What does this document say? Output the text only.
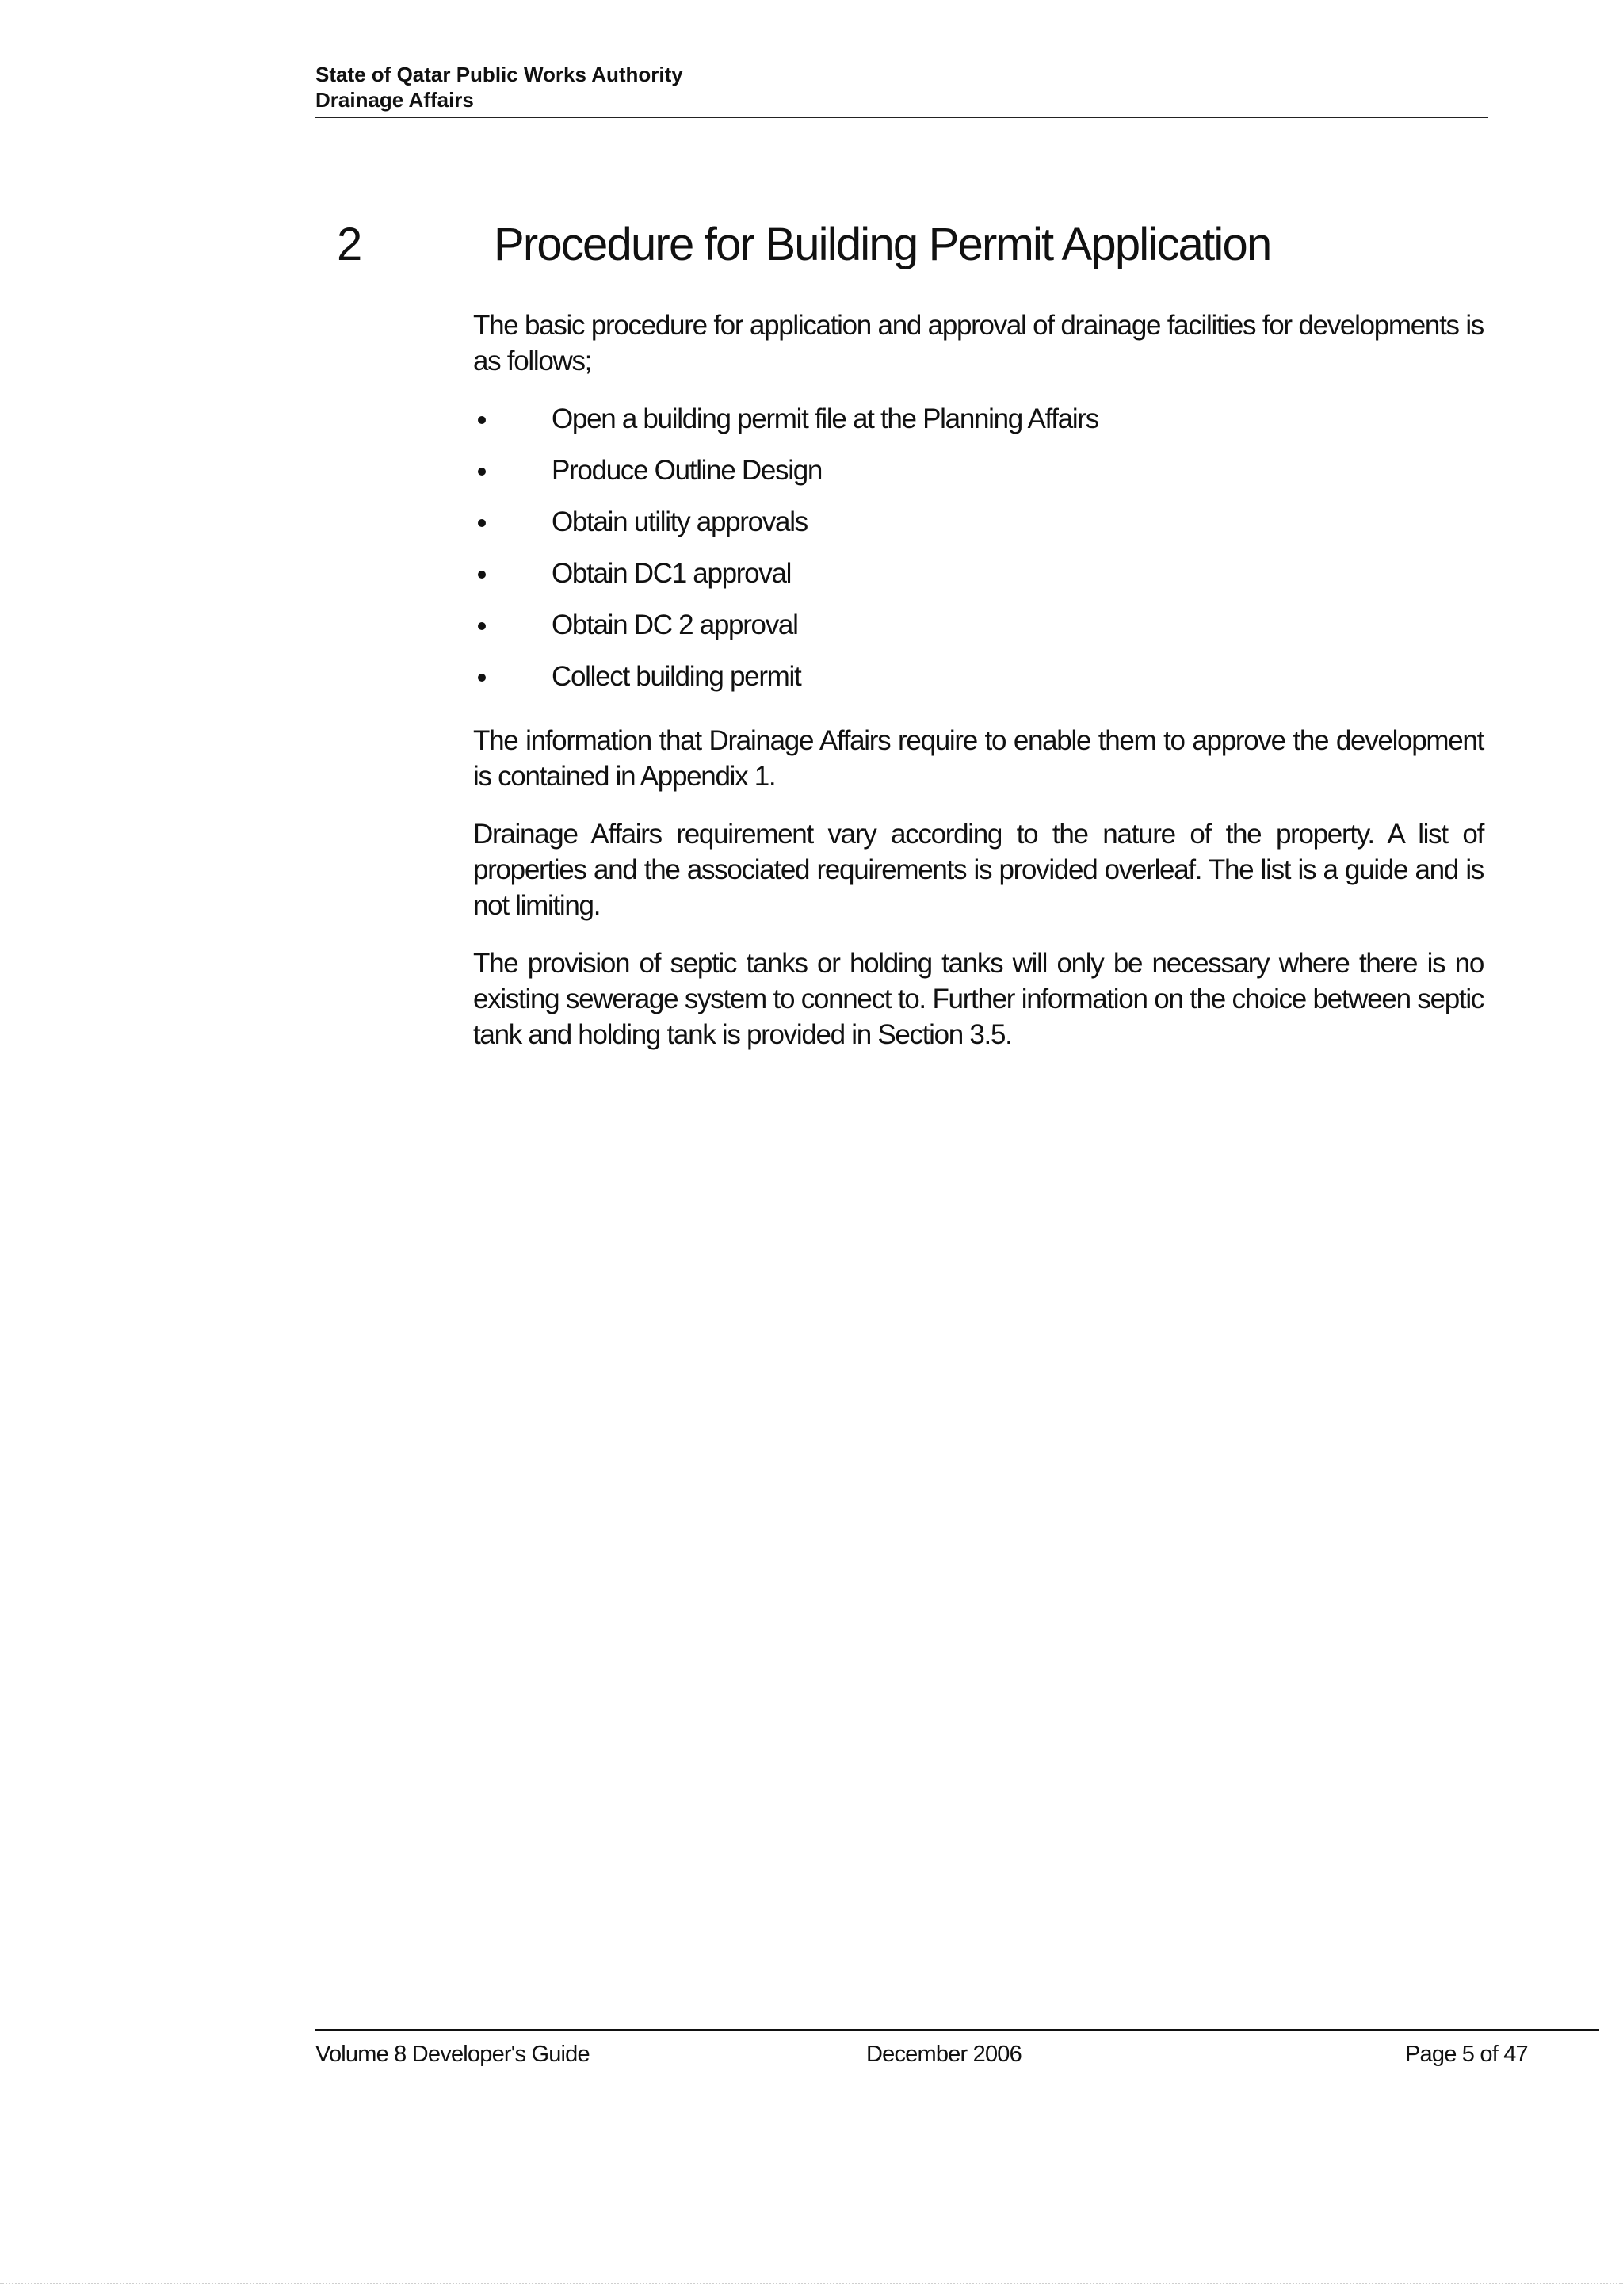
State of Qatar Public Works Authority
Drainage Affairs
2	Procedure for Building Permit Application

The basic procedure for application and approval of drainage facilities for developments is as follows;

Open a building permit file at the Planning Affairs
Produce Outline Design
Obtain utility approvals
Obtain DC1 approval
Obtain DC 2 approval
Collect building permit

The information that Drainage Affairs require to enable them to approve the development is contained in Appendix 1.

Drainage Affairs requirement vary according to the nature of the property. A list of properties and the associated requirements is provided overleaf. The list is a guide and is not limiting.

The provision of septic tanks or holding tanks will only be necessary where there is no existing sewerage system to connect to. Further information on the choice between septic tank and holding tank is provided in Section 3.5.

Volume 8 Developer's Guide	December 2006	Page 5 of 47
